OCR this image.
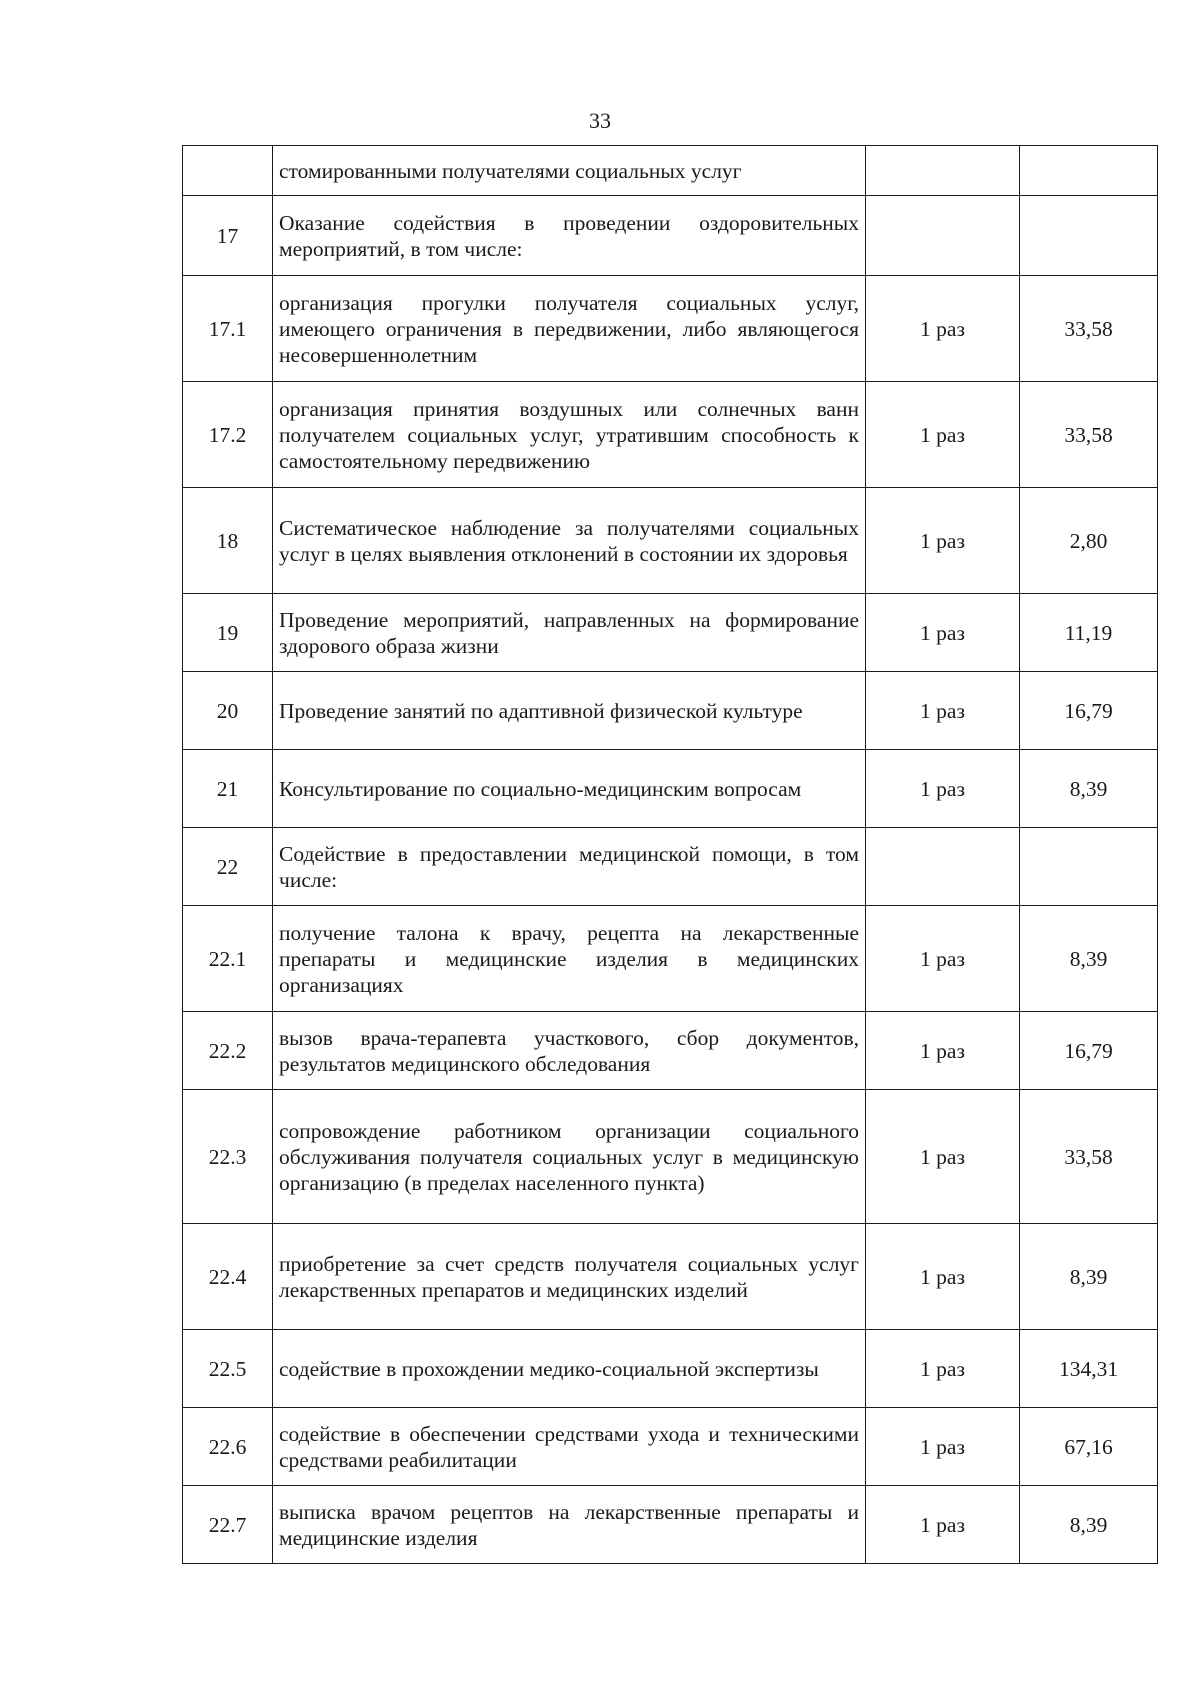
33
	стомированными получателями социальных услуг		
17	Оказание содействия в проведении оздоровительных мероприятий, в том числе:		
17.1	организация прогулки получателя социальных услуг, имеющего ограничения в передвижении, либо являющегося несовершеннолетним	1 раз	33,58
17.2	организация принятия воздушных или солнечных ванн получателем социальных услуг, утратившим способность к самостоятельному передвижению	1 раз	33,58
18	Систематическое наблюдение за получателями социальных услуг в целях выявления отклонений в состоянии их здоровья	1 раз	2,80
19	Проведение мероприятий, направленных на формирование здорового образа жизни	1 раз	11,19
20	Проведение занятий по адаптивной физической культуре	1 раз	16,79
21	Консультирование по социально-медицинским вопросам	1 раз	8,39
22	Содействие в предоставлении медицинской помощи, в том числе:		
22.1	получение талона к врачу, рецепта на лекарственные препараты и медицинские изделия в медицинских организациях	1 раз	8,39
22.2	вызов врача-терапевта участкового, сбор документов, результатов медицинского обследования	1 раз	16,79
22.3	сопровождение работником организации социального обслуживания получателя социальных услуг в медицинскую организацию (в пределах населенного пункта)	1 раз	33,58
22.4	приобретение за счет средств получателя социальных услуг лекарственных препаратов и медицинских изделий	1 раз	8,39
22.5	содействие в прохождении медико-социальной экспертизы	1 раз	134,31
22.6	содействие в обеспечении средствами ухода и техническими средствами реабилитации	1 раз	67,16
22.7	выписка врачом рецептов на лекарственные препараты и медицинские изделия	1 раз	8,39
